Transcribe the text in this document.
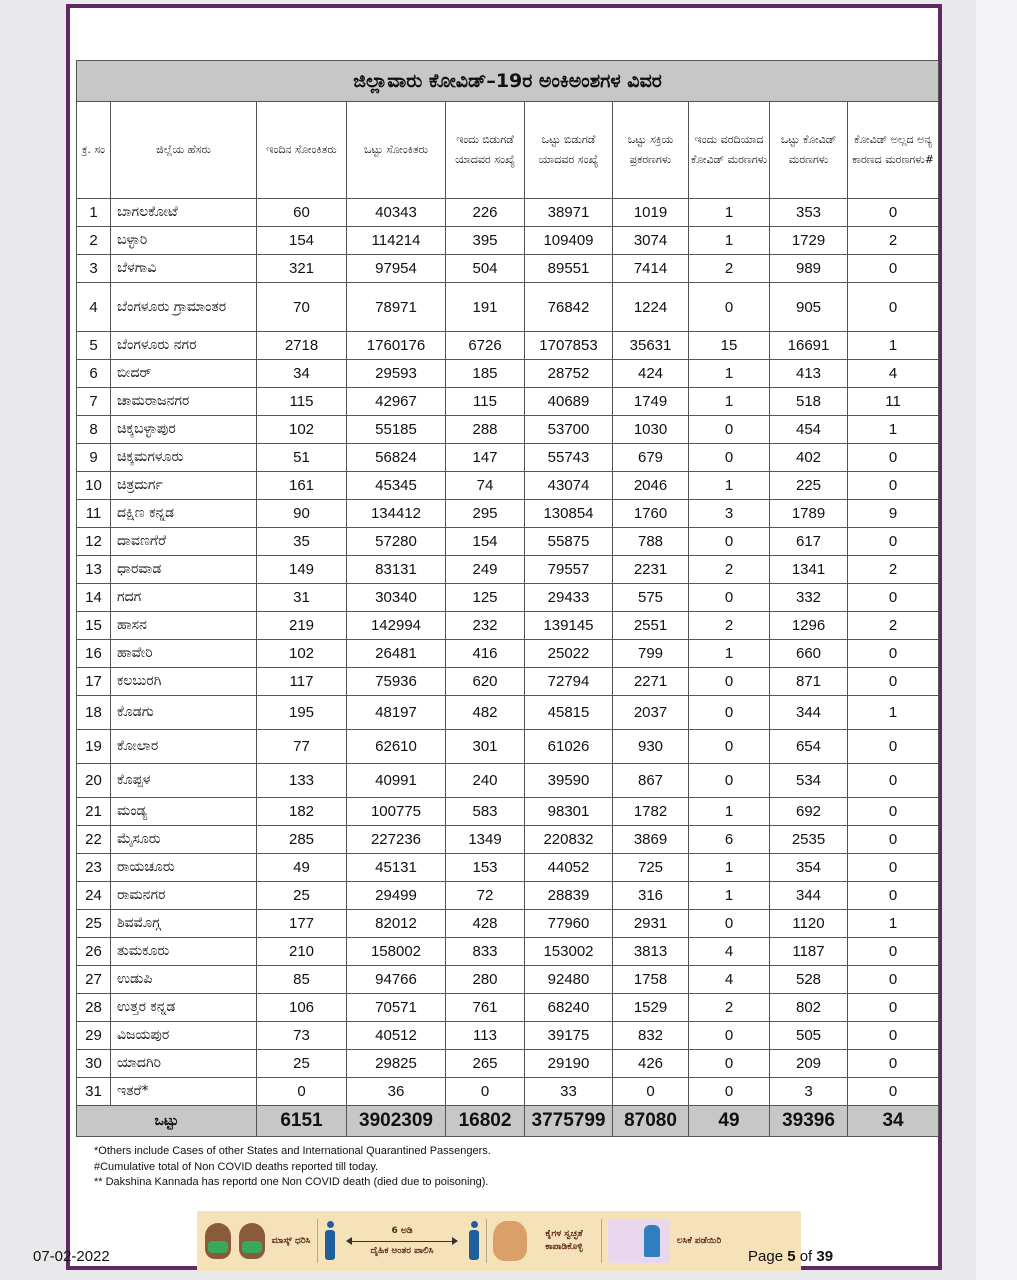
ಜಿಲ್ಲಾವಾರು ಕೋವಿಡ್–19ರ ಅಂಕಿಅಂಶಗಳ ವಿವರ									
ಕ್ರ. ಸಂ	ಜಿಲ್ಲೆಯ ಹೆಸರು	ಇಂದಿನ ಸೋಂಕಿತರು	ಒಟ್ಟು ಸೋಂಕಿತರು	ಇಂದು ಬಿಡುಗಡೆ ಯಾದವರ ಸಂಖ್ಯೆ	ಒಟ್ಟು ಬಿಡುಗಡೆ ಯಾದವರ ಸಂಖ್ಯೆ	ಒಟ್ಟು ಸಕ್ರಿಯ ಪ್ರಕರಣಗಳು	ಇಂದು ವರದಿಯಾದ ಕೋವಿಡ್ ಮರಣಗಳು	ಒಟ್ಟು ಕೋವಿಡ್ ಮರಣಗಳು	ಕೋವಿಡ್ ಅಲ್ಲದ ಅನ್ಯ ಕಾರಣದ ಮರಣಗಳು#
1	ಬಾಗಲಕೋಟೆ	60	40343	226	38971	1019	1	353	0
2	ಬಳ್ಳಾರಿ	154	114214	395	109409	3074	1	1729	2
3	ಬೆಳಗಾವಿ	321	97954	504	89551	7414	2	989	0
4	ಬೆಂಗಳೂರು ಗ್ರಾಮಾಂತರ	70	78971	191	76842	1224	0	905	0
5	ಬೆಂಗಳೂರು ನಗರ	2718	1760176	6726	1707853	35631	15	16691	1
6	ಬೀದರ್	34	29593	185	28752	424	1	413	4
7	ಚಾಮರಾಜನಗರ	115	42967	115	40689	1749	1	518	11
8	ಚಿಕ್ಕಬಳ್ಳಾಪುರ	102	55185	288	53700	1030	0	454	1
9	ಚಿಕ್ಕಮಗಳೂರು	51	56824	147	55743	679	0	402	0
10	ಚಿತ್ರದುರ್ಗ	161	45345	74	43074	2046	1	225	0
11	ದಕ್ಷಿಣ ಕನ್ನಡ	90	134412	295	130854	1760	3	1789	9
12	ದಾವಣಗೆರೆ	35	57280	154	55875	788	0	617	0
13	ಧಾರವಾಡ	149	83131	249	79557	2231	2	1341	2
14	ಗದಗ	31	30340	125	29433	575	0	332	0
15	ಹಾಸನ	219	142994	232	139145	2551	2	1296	2
16	ಹಾವೇರಿ	102	26481	416	25022	799	1	660	0
17	ಕಲಬುರಗಿ	117	75936	620	72794	2271	0	871	0
18	ಕೊಡಗು	195	48197	482	45815	2037	0	344	1
19	ಕೋಲಾರ	77	62610	301	61026	930	0	654	0
20	ಕೊಪ್ಪಳ	133	40991	240	39590	867	0	534	0
21	ಮಂಡ್ಯ	182	100775	583	98301	1782	1	692	0
22	ಮೈಸೂರು	285	227236	1349	220832	3869	6	2535	0
23	ರಾಯಚೂರು	49	45131	153	44052	725	1	354	0
24	ರಾಮನಗರ	25	29499	72	28839	316	1	344	0
25	ಶಿವಮೊಗ್ಗ	177	82012	428	77960	2931	0	1120	1
26	ತುಮಕೂರು	210	158002	833	153002	3813	4	1187	0
27	ಉಡುಪಿ	85	94766	280	92480	1758	4	528	0
28	ಉತ್ತರ ಕನ್ನಡ	106	70571	761	68240	1529	2	802	0
29	ವಿಜಯಪುರ	73	40512	113	39175	832	0	505	0
30	ಯಾದಗಿರಿ	25	29825	265	29190	426	0	209	0
31	ಇತರೆ*	0	36	0	33	0	0	3	0
ಒಟ್ಟು		6151	3902309	16802	3775799	87080	49	39396	34
*Others include Cases of other States and International Quarantined Passengers.
#Cumulative total of Non COVID deaths reported till today.
** Dakshina Kannada has reportd one Non COVID death (died due to poisoning).
ಮಾಸ್ಕ್ ಧರಿಸಿ
6 ಅಡಿ
ದೈಹಿಕ ಅಂತರ ಪಾಲಿಸಿ
ಕೈಗಳ ಸ್ವಚ್ಛತೆ ಕಾಪಾಡಿಕೊಳ್ಳಿ
ಲಸಿಕೆ ಪಡೆಯಿರಿ
07-02-2022	Page 5 of 39
